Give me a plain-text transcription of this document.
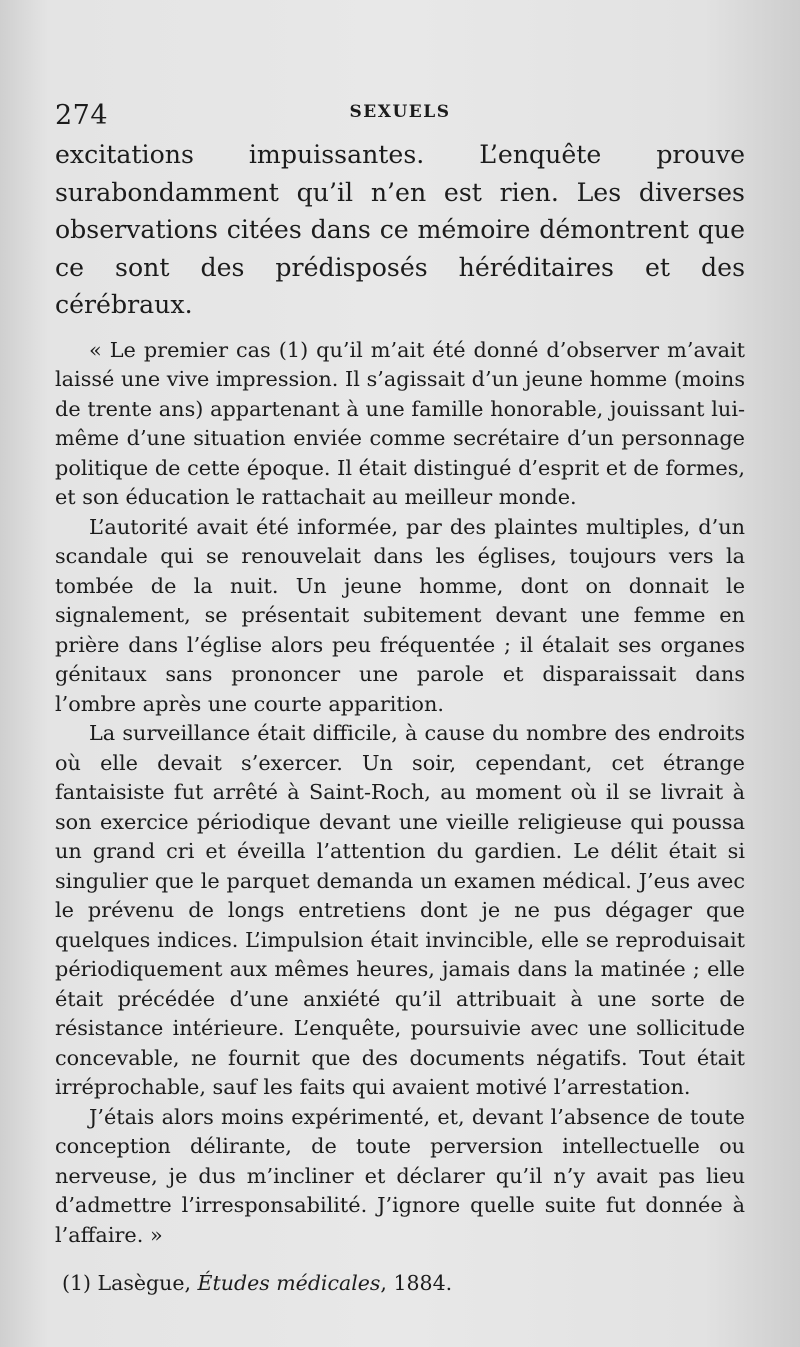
274	SEXUELS

excitations impuissantes. L’enquête prouve surabondamment qu’il n’en est rien. Les diverses observations citées dans ce mémoire démontrent que ce sont des prédisposés héréditaires et des cérébraux.

« Le premier cas (1) qu’il m’ait été donné d’observer m’avait laissé une vive impression. Il s’agissait d’un jeune homme (moins de trente ans) appartenant à une famille honorable, jouissant lui-même d’une situation enviée comme secrétaire d’un personnage politique de cette époque. Il était distingué d’esprit et de formes, et son éducation le rattachait au meilleur monde.

L’autorité avait été informée, par des plaintes multiples, d’un scandale qui se renouvelait dans les églises, toujours vers la tombée de la nuit. Un jeune homme, dont on donnait le signalement, se présentait subitement devant une femme en prière dans l’église alors peu fréquentée ; il étalait ses organes génitaux sans prononcer une parole et disparaissait dans l’ombre après une courte apparition.

La surveillance était difficile, à cause du nombre des endroits où elle devait s’exercer. Un soir, cependant, cet étrange fantaisiste fut arrêté à Saint-Roch, au moment où il se livrait à son exercice périodique devant une vieille religieuse qui poussa un grand cri et éveilla l’attention du gardien. Le délit était si singulier que le parquet demanda un examen médical. J’eus avec le prévenu de longs entretiens dont je ne pus dégager que quelques indices. L’impulsion était invincible, elle se reproduisait périodiquement aux mêmes heures, jamais dans la matinée ; elle était précédée d’une anxiété qu’il attribuait à une sorte de résistance intérieure. L’enquête, poursuivie avec une sollicitude concevable, ne fournit que des documents négatifs. Tout était irréprochable, sauf les faits qui avaient motivé l’arrestation.

J’étais alors moins expérimenté, et, devant l’absence de toute conception délirante, de toute perversion intellectuelle ou nerveuse, je dus m’incliner et déclarer qu’il n’y avait pas lieu d’admettre l’irresponsabilité. J’ignore quelle suite fut donnée à l’affaire. »

(1) Lasègue, Études médicales, 1884.
